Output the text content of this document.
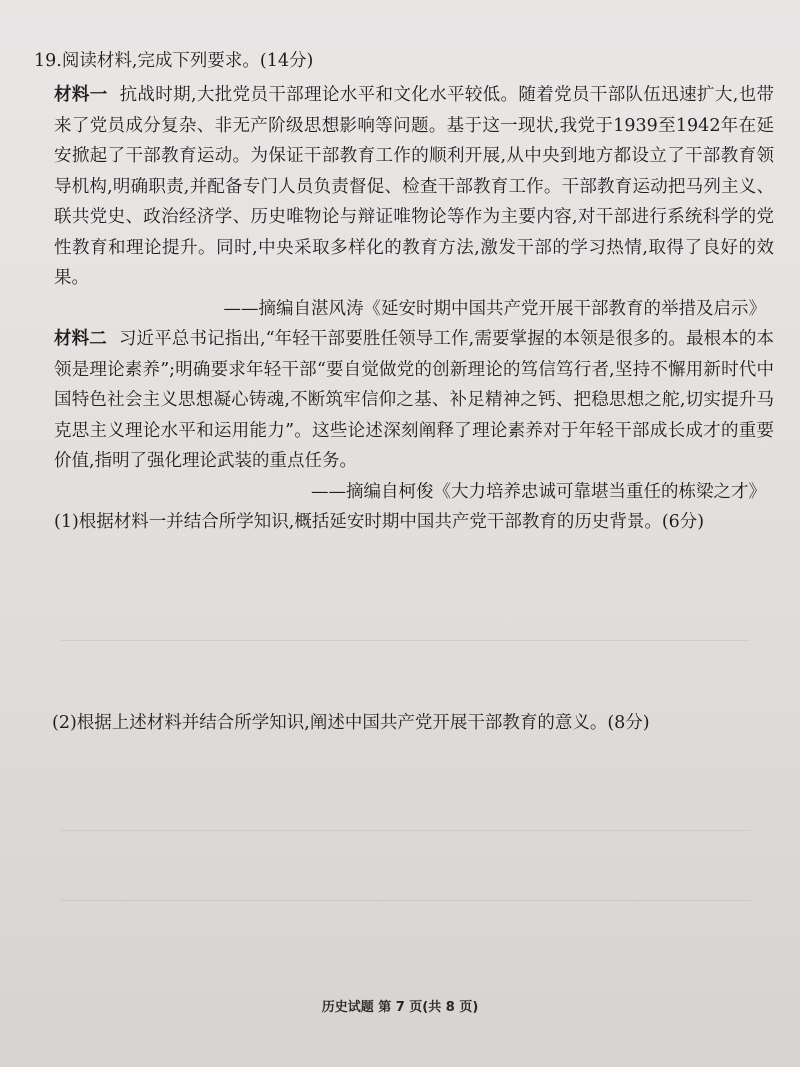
19.阅读材料,完成下列要求。(14分)

材料一 抗战时期,大批党员干部理论水平和文化水平较低。随着党员干部队伍迅速扩大,也带来了党员成分复杂、非无产阶级思想影响等问题。基于这一现状,我党于1939至1942年在延安掀起了干部教育运动。为保证干部教育工作的顺利开展,从中央到地方都设立了干部教育领导机构,明确职责,并配备专门人员负责督促、检查干部教育工作。干部教育运动把马列主义、联共党史、政治经济学、历史唯物论与辩证唯物论等作为主要内容,对干部进行系统科学的党性教育和理论提升。同时,中央采取多样化的教育方法,激发干部的学习热情,取得了良好的效果。

——摘编自湛风涛《延安时期中国共产党开展干部教育的举措及启示》

材料二 习近平总书记指出,“年轻干部要胜任领导工作,需要掌握的本领是很多的。最根本的本领是理论素养”;明确要求年轻干部“要自觉做党的创新理论的笃信笃行者,坚持不懈用新时代中国特色社会主义思想凝心铸魂,不断筑牢信仰之基、补足精神之钙、把稳思想之舵,切实提升马克思主义理论水平和运用能力”。这些论述深刻阐释了理论素养对于年轻干部成长成才的重要价值,指明了强化理论武装的重点任务。

——摘编自柯俊《大力培养忠诚可靠堪当重任的栋梁之才》

(1)根据材料一并结合所学知识,概括延安时期中国共产党干部教育的历史背景。(6分)

(2)根据上述材料并结合所学知识,阐述中国共产党开展干部教育的意义。(8分)
历史试题 第 7 页(共 8 页)
